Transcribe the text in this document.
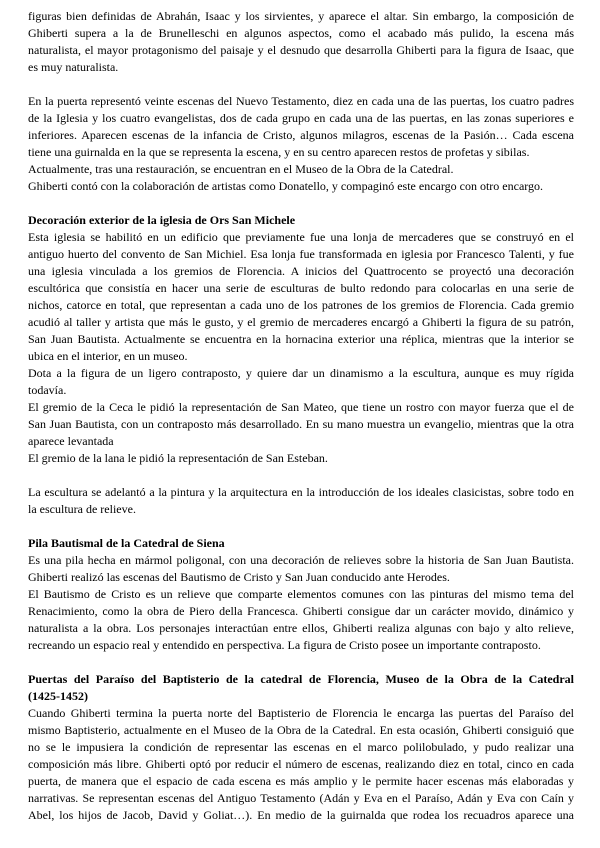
figuras bien definidas de Abrahán, Isaac y los sirvientes, y aparece el altar. Sin embargo, la composición de
Ghiberti supera a la de Brunelleschi en algunos aspectos, como el acabado más pulido, la escena más
naturalista, el mayor protagonismo del paisaje y el desnudo que desarrolla Ghiberti para la figura de Isaac, que
es muy naturalista.
En la puerta representó veinte escenas del Nuevo Testamento, diez en cada una de las puertas, los cuatro padres
de la Iglesia y los cuatro evangelistas, dos de cada grupo en cada una de las puertas, en las zonas superiores e
inferiores. Aparecen escenas de la infancia de Cristo, algunos milagros, escenas de la Pasión… Cada escena
tiene una guirnalda en la que se representa la escena, y en su centro aparecen restos de profetas y sibilas.
Actualmente, tras una restauración, se encuentran en el Museo de la Obra de la Catedral.
Ghiberti contó con la colaboración de artistas como Donatello, y compaginó este encargo con otro encargo.
Decoración exterior de la iglesia de Ors San Michele
Esta iglesia se habilitó en un edificio que previamente fue una lonja de mercaderes que se construyó en el
antiguo huerto del convento de San Michiel. Esa lonja fue transformada en iglesia por Francesco Talenti, y fue
una iglesia vinculada a los gremios de Florencia. A inicios del Quattrocento se proyectó una decoración
escultórica que consistía en hacer una serie de esculturas de bulto redondo para colocarlas en una serie de
nichos, catorce en total, que representan a cada uno de los patrones de los gremios de Florencia. Cada gremio
acudió al taller y artista que más le gusto, y el gremio de mercaderes encargó a Ghiberti la figura de su patrón,
San Juan Bautista. Actualmente se encuentra en la hornacina exterior una réplica, mientras que la interior se
ubica en el interior, en un museo.
Dota a la figura de un ligero contraposto, y quiere dar un dinamismo a la escultura, aunque es muy rígida
todavía.
El gremio de la Ceca le pidió la representación de San Mateo, que tiene un rostro con mayor fuerza que el de
San Juan Bautista, con un contraposto más desarrollado. En su mano muestra un evangelio, mientras que la otra
aparece levantada
El gremio de la lana le pidió la representación de San Esteban.
La escultura se adelantó a la pintura y la arquitectura en la introducción de los ideales clasicistas, sobre todo en
la escultura de relieve.
Pila Bautismal de la Catedral de Siena
Es una pila hecha en mármol poligonal, con una decoración de relieves sobre la historia de San Juan Bautista.
Ghiberti realizó las escenas del Bautismo de Cristo y San Juan conducido ante Herodes.
El Bautismo de Cristo es un relieve que comparte elementos comunes con las pinturas del mismo tema del
Renacimiento, como la obra de Piero della Francesca. Ghiberti consigue dar un carácter movido, dinámico y
naturalista a la obra. Los personajes interactúan entre ellos, Ghiberti realiza algunas con bajo y alto relieve,
recreando un espacio real y entendido en perspectiva. La figura de Cristo posee un importante contraposto.
Puertas del Paraíso del Baptisterio de la catedral de Florencia, Museo de la Obra de la Catedral
(1425-1452)
Cuando Ghiberti termina la puerta norte del Baptisterio de Florencia le encarga las puertas del Paraíso del
mismo Baptisterio, actualmente en el Museo de la Obra de la Catedral. En esta ocasión, Ghiberti consiguió que
no se le impusiera la condición de representar las escenas en el marco polilobulado, y pudo realizar una
composición más libre. Ghiberti optó por reducir el número de escenas, realizando diez en total, cinco en cada
puerta, de manera que el espacio de cada escena es más amplio y le permite hacer escenas más elaboradas y
narrativas. Se representan escenas del Antiguo Testamento (Adán y Eva en el Paraíso, Adán y Eva con Caín y
Abel, los hijos de Jacob, David y Goliat…). En medio de la guirnalda que rodea los recuadros aparece una
